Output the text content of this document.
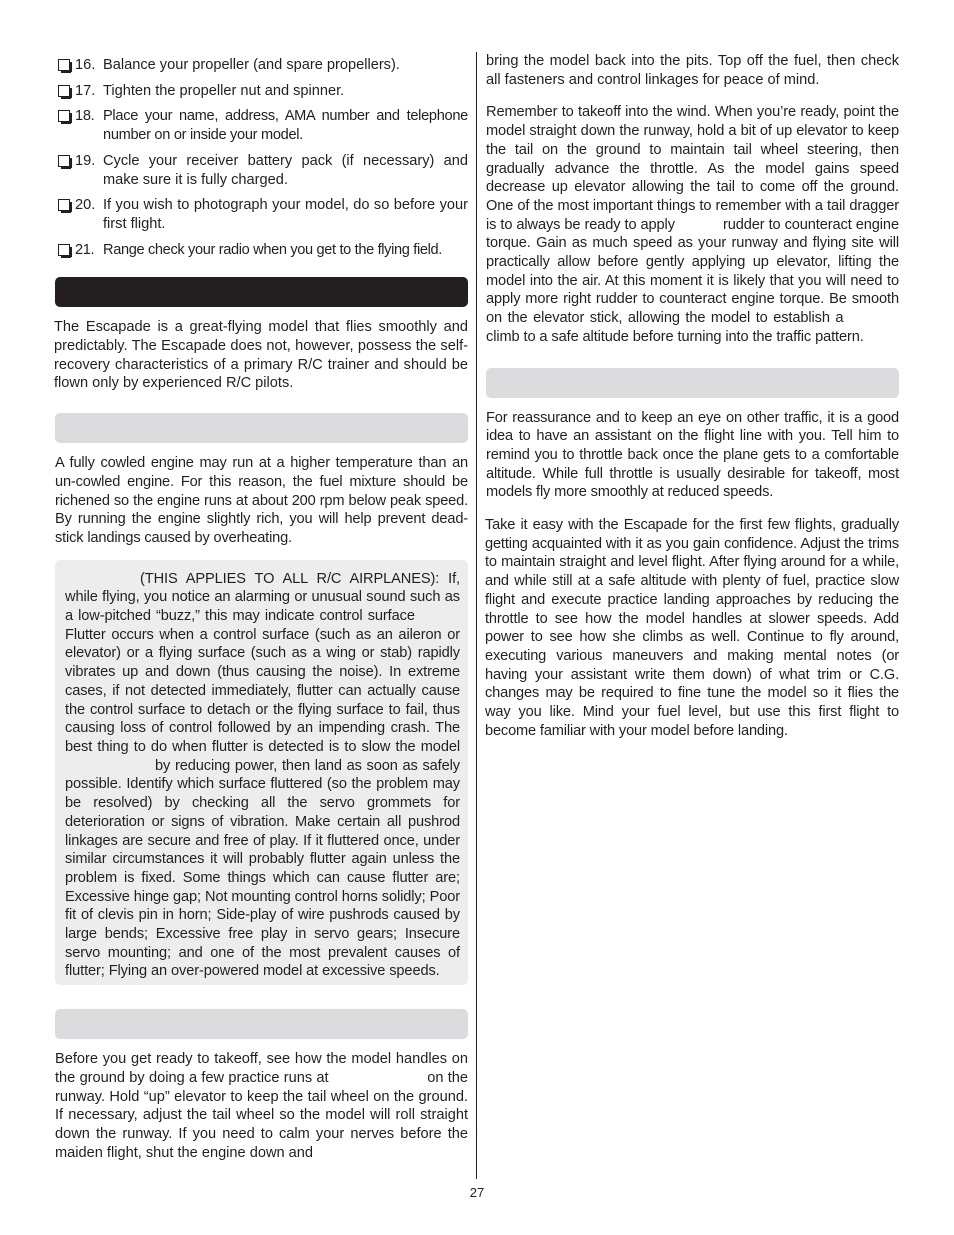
16. Balance your propeller (and spare propellers).
17. Tighten the propeller nut and spinner.
18. Place your name, address, AMA number and telephone number on or inside your model.
19. Cycle your receiver battery pack (if necessary) and make sure it is fully charged.
20. If you wish to photograph your model, do so before your first flight.
21. Range check your radio when you get to the flying field.

The Escapade is a great-flying model that flies smoothly and predictably. The Escapade does not, however, possess the self-recovery characteristics of a primary R/C trainer and should be flown only by experienced R/C pilots.

A fully cowled engine may run at a higher temperature than an un-cowled engine. For this reason, the fuel mixture should be richened so the engine runs at about 200 rpm below peak speed. By running the engine slightly rich, you will help prevent dead-stick landings caused by overheating.

(THIS APPLIES TO ALL R/C AIRPLANES): If, while flying, you notice an alarming or unusual sound such as a low-pitched “buzz,” this may indicate control surface Flutter occurs when a control surface (such as an aileron or elevator) or a flying surface (such as a wing or stab) rapidly vibrates up and down (thus causing the noise). In extreme cases, if not detected immediately, flutter can actually cause the control surface to detach or the flying surface to fail, thus causing loss of control followed by an impending crash. The best thing to do when flutter is detected is to slow the model by reducing power, then land as soon as safely possible. Identify which surface fluttered (so the problem may be resolved) by checking all the servo grommets for deterioration or signs of vibration. Make certain all pushrod linkages are secure and free of play. If it fluttered once, under similar circumstances it will probably flutter again unless the problem is fixed. Some things which can cause flutter are; Excessive hinge gap; Not mounting control horns solidly; Poor fit of clevis pin in horn; Side-play of wire pushrods caused by large bends; Excessive free play in servo gears; Insecure servo mounting; and one of the most prevalent causes of flutter; Flying an over-powered model at excessive speeds.

Before you get ready to takeoff, see how the model handles on the ground by doing a few practice runs at	on the runway. Hold “up” elevator to keep the tail wheel on the ground. If necessary, adjust the tail wheel so the model will roll straight down the runway. If you need to calm your nerves before the maiden flight, shut the engine down and

bring the model back into the pits. Top off the fuel, then check all fasteners and control linkages for peace of mind.

Remember to takeoff into the wind. When you’re ready, point the model straight down the runway, hold a bit of up elevator to keep the tail on the ground to maintain tail wheel steering, then gradually advance the throttle. As the model gains speed decrease up elevator allowing the tail to come off the ground. One of the most important things to remember with a tail dragger is to always be ready to apply	rudder to counteract engine torque. Gain as much speed as your runway and flying site will practically allow before gently applying up elevator, lifting the model into the air. At this moment it is likely that you will need to apply more right rudder to counteract engine torque. Be smooth on the elevator stick, allowing the model to establish a  climb to a safe altitude before turning into the traffic pattern.

For reassurance and to keep an eye on other traffic, it is a good idea to have an assistant on the flight line with you. Tell him to remind you to throttle back once the plane gets to a comfortable altitude. While full throttle is usually desirable for takeoff, most models fly more smoothly at reduced speeds.

Take it easy with the Escapade for the first few flights, gradually getting acquainted with it as you gain confidence. Adjust the trims to maintain straight and level flight. After flying around for a while, and while still at a safe altitude with plenty of fuel, practice slow flight and execute practice landing approaches by reducing the throttle to see how the model handles at slower speeds. Add power to see how she climbs as well. Continue to fly around, executing various maneuvers and making mental notes (or having your assistant write them down) of what trim or C.G. changes may be required to fine tune the model so it flies the way you like. Mind your fuel level, but use this first flight to become familiar with your model before landing.

27
